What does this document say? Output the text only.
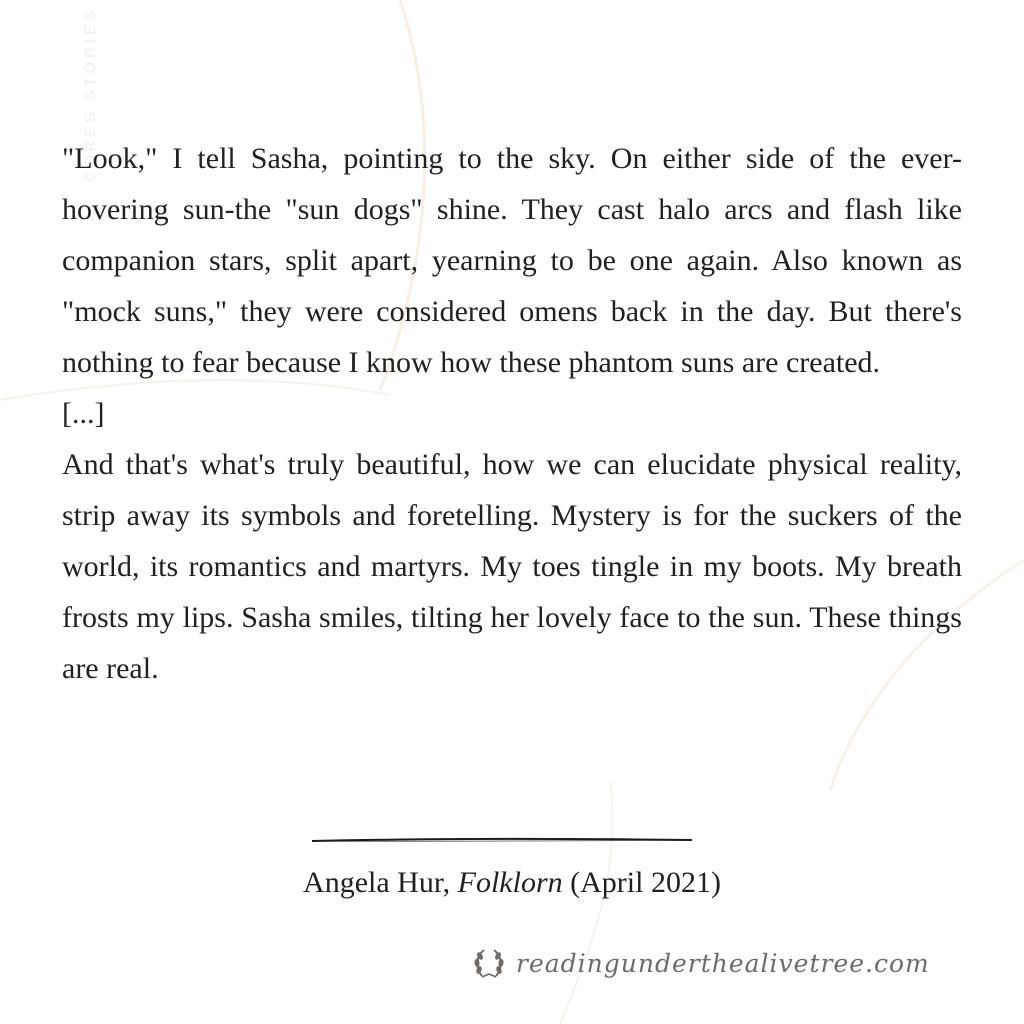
CORES STORIES

"Look," I tell Sasha, pointing to the sky. On either side of the ever-hovering sun-the "sun dogs" shine. They cast halo arcs and flash like companion stars, split apart, yearning to be one again. Also known as "mock suns," they were considered omens back in the day. But there's nothing to fear because I know how these phantom suns are created.

[...]

And that's what's truly beautiful, how we can elucidate physical reality, strip away its symbols and foretelling. Mystery is for the suckers of the world, its romantics and martyrs. My toes tingle in my boots. My breath frosts my lips. Sasha smiles, tilting her lovely face to the sun. These things are real.

Angela Hur, Folklorn (April 2021)
readingunderthealivetree.com
